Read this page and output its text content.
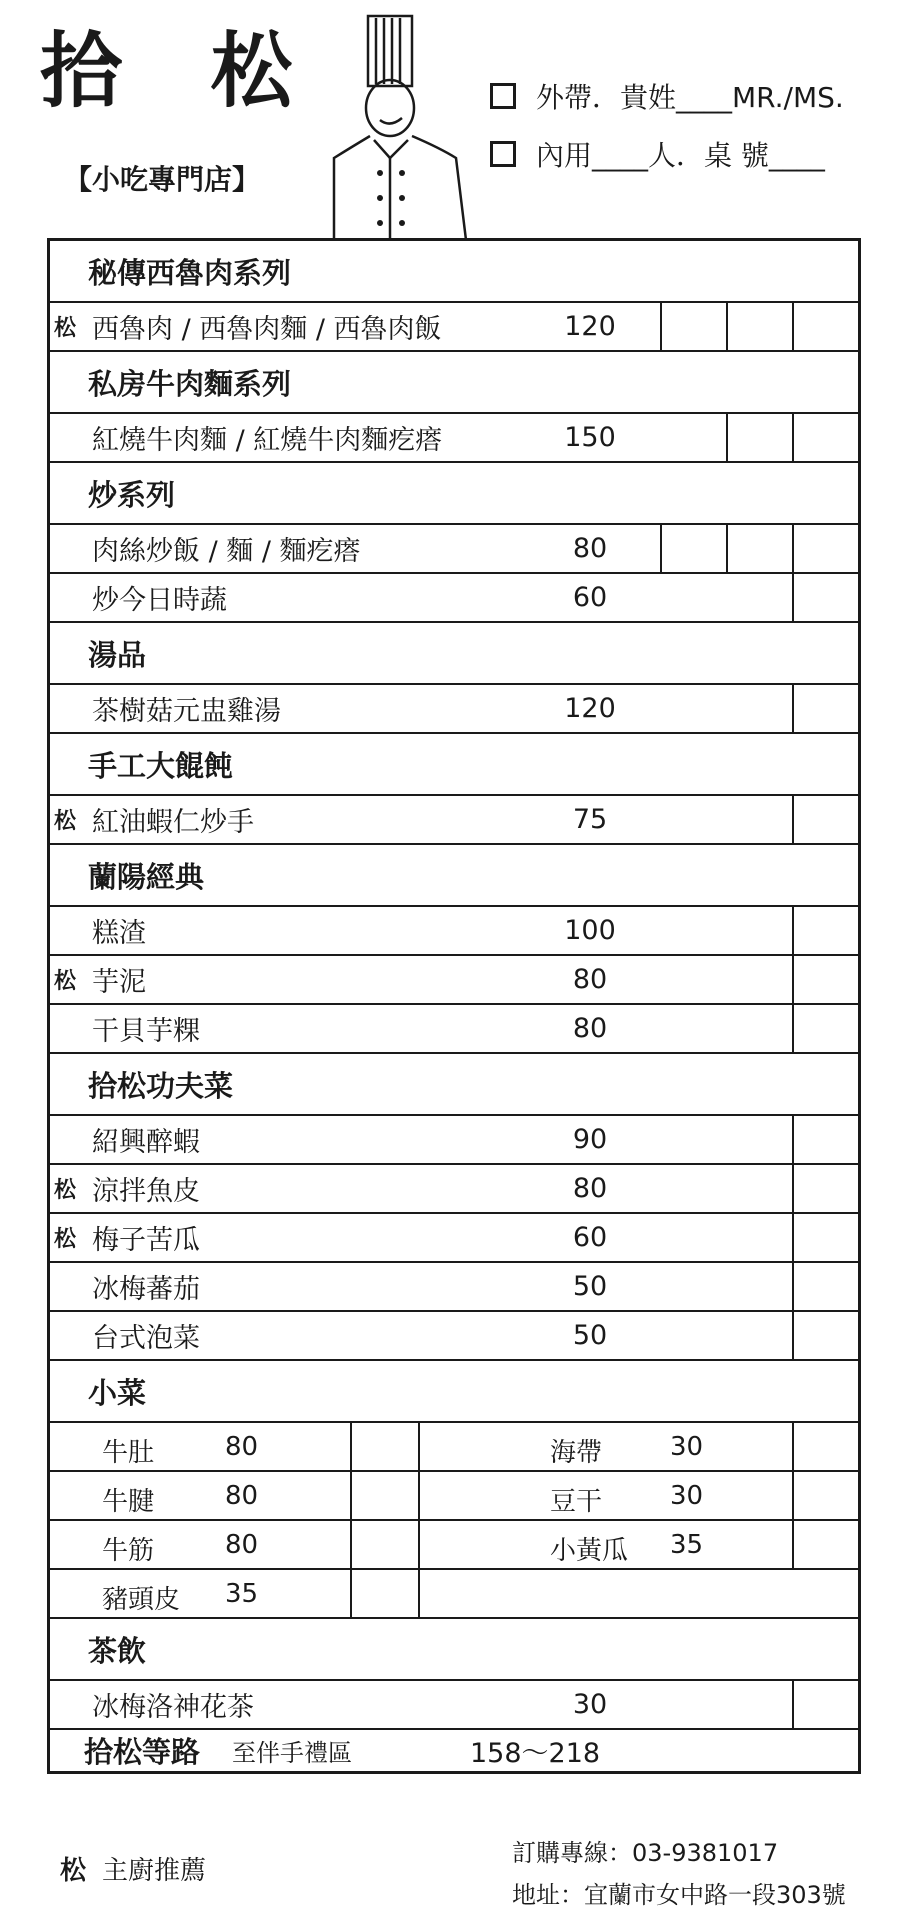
拾 松
【小吃專門店】
外帶．貴姓____MR./MS.
內用____人．桌 號____
秘傳西魯肉系列
松 西魯肉 / 西魯肉麵 / 西魯肉飯	120
私房牛肉麵系列
紅燒牛肉麵 / 紅燒牛肉麵疙瘩	150
炒系列
肉絲炒飯 / 麵 / 麵疙瘩	80
炒今日時蔬	60
湯品
茶樹菇元盅雞湯	120
手工大餛飩
松 紅油蝦仁炒手	75
蘭陽經典
糕渣	100
松 芋泥	80
干貝芋粿	80
拾松功夫菜
紹興醉蝦	90
松 涼拌魚皮	80
松 梅子苦瓜	60
冰梅蕃茄	50
台式泡菜	50
小菜
牛肚	80	海帶	30
牛腱	80	豆干	30
牛筋	80	小黃瓜 35
豬頭皮 35
茶飲
冰梅洛神花茶	30
拾松等路 至伴手禮區	158～218
松 主廚推薦
訂購專線：03-9381017
地址：宜蘭市女中路一段303號
